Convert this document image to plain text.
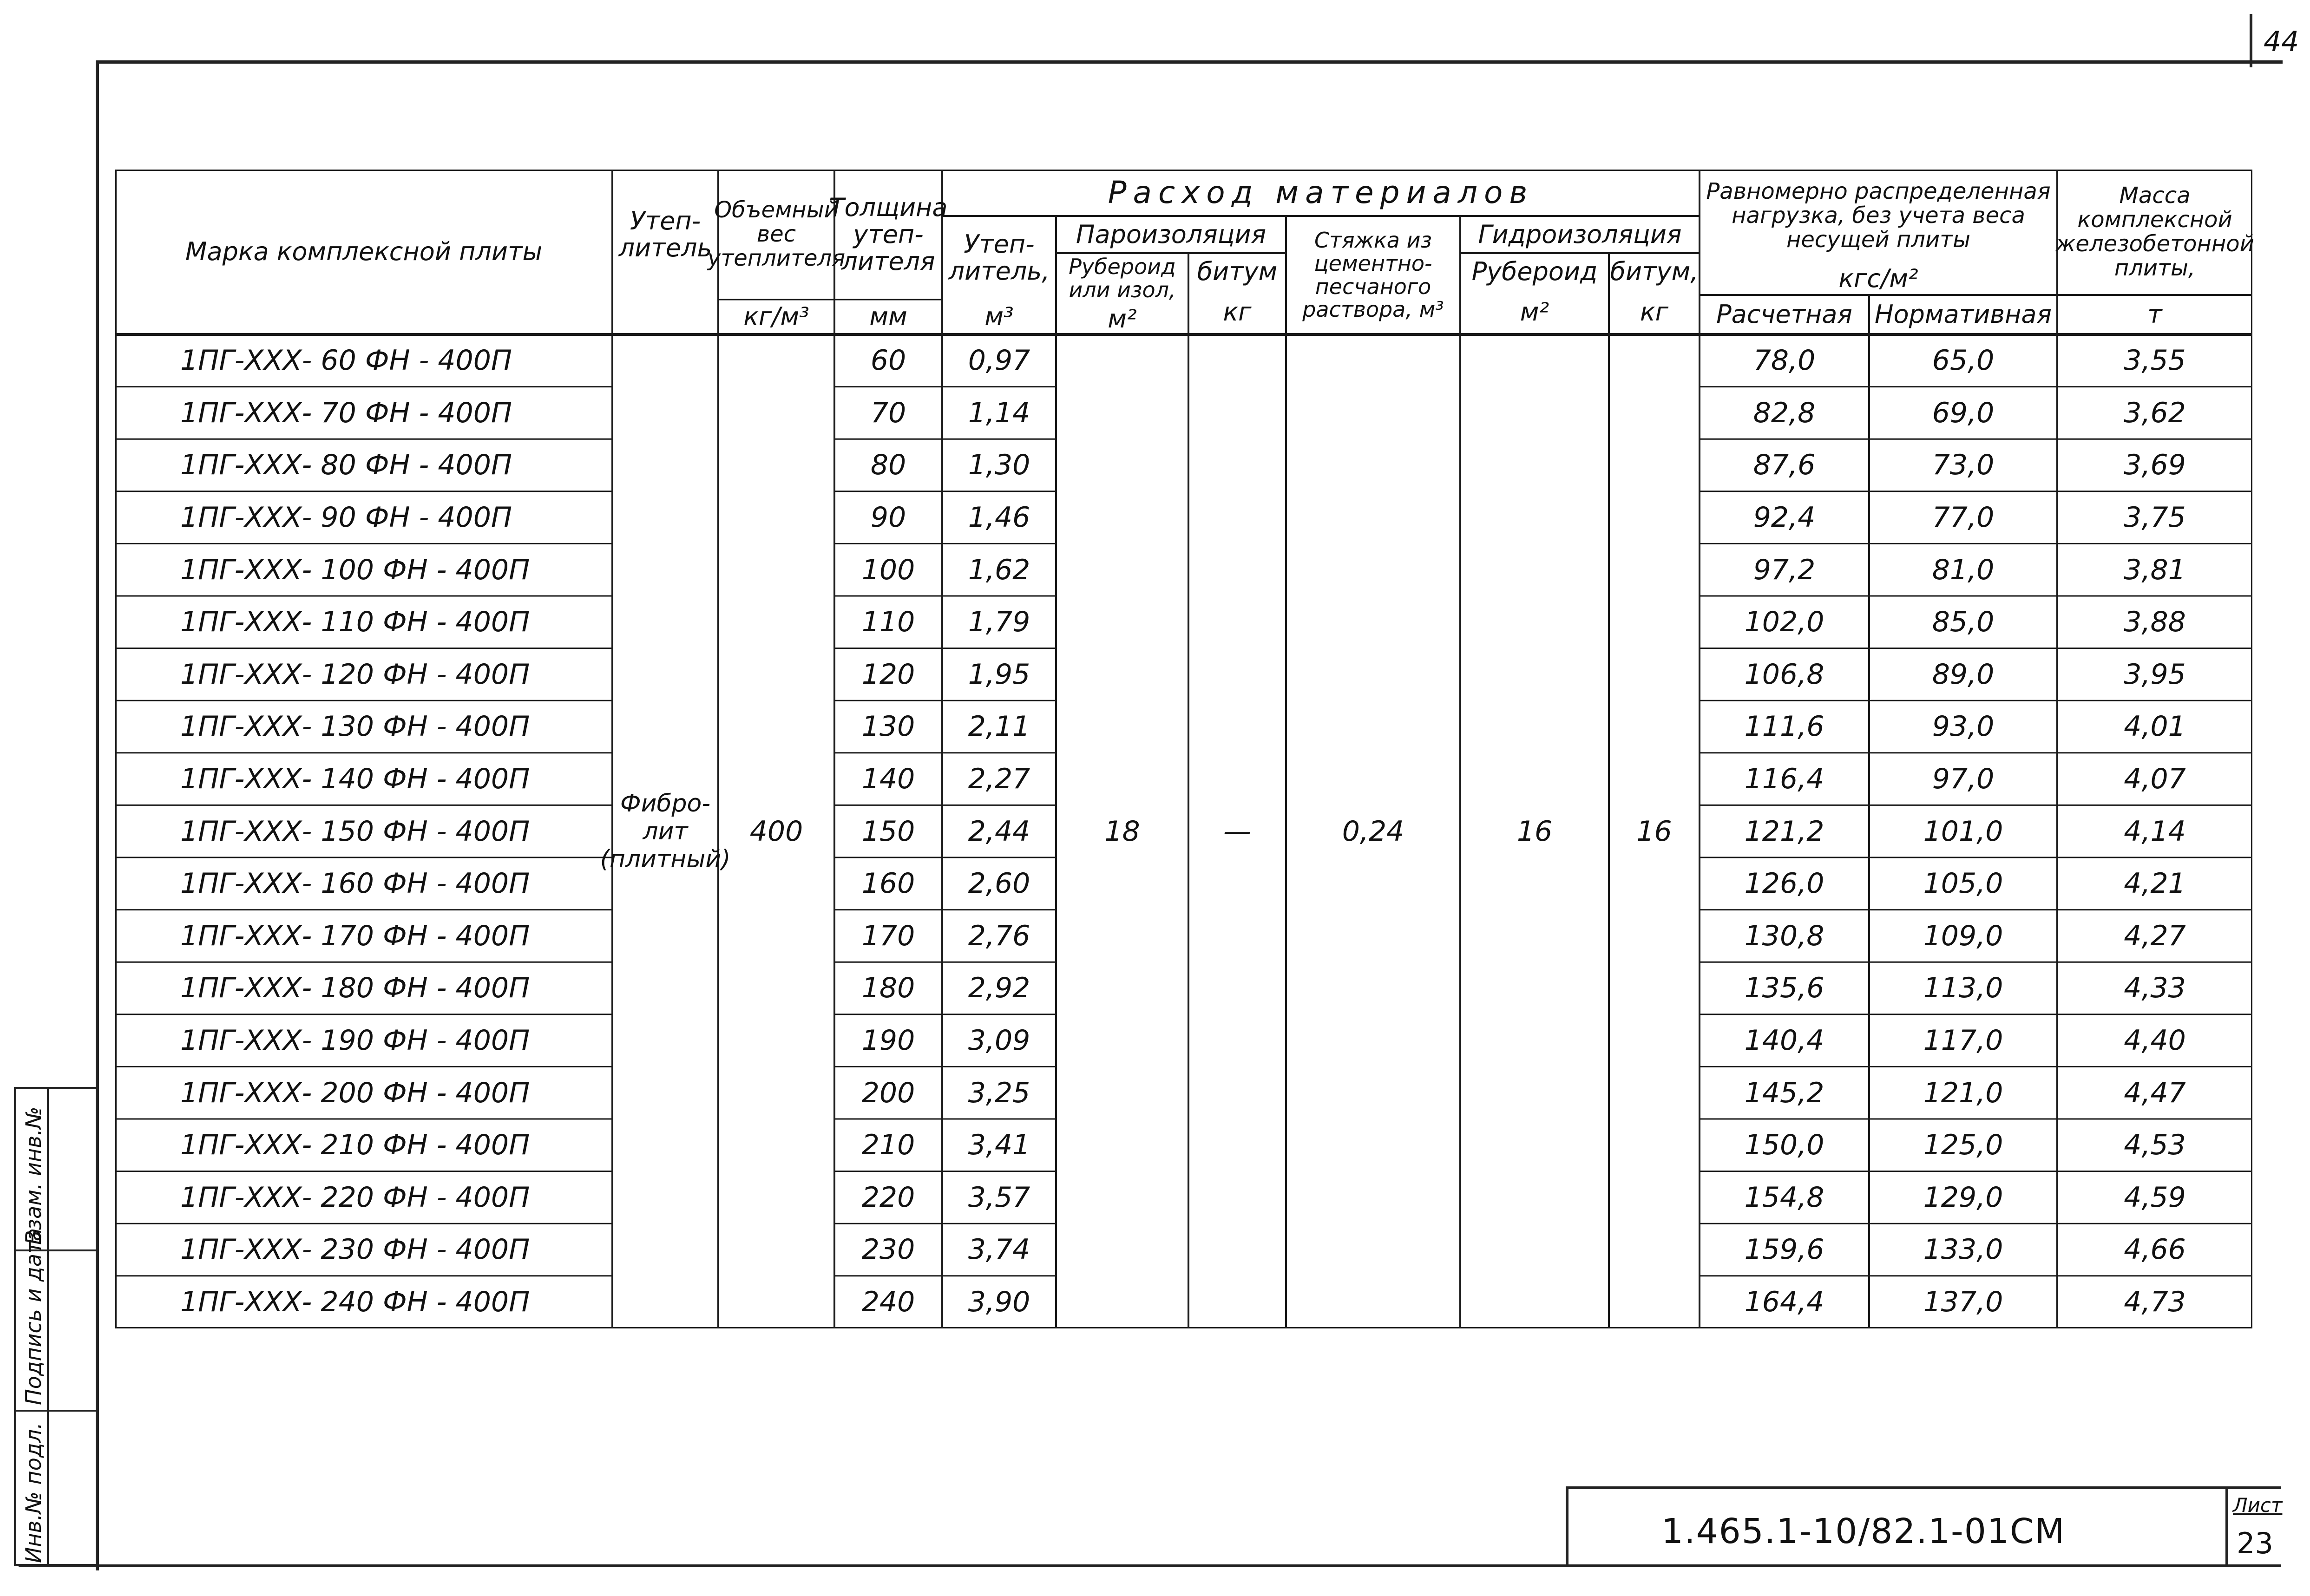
44
Инв.№ подл.
Подпись и дата
Взам. инв.№
Марка комплексной плиты
Утеп-литель
Объемный вес утеплителя
кг/м³
Толщина утеп-лителя
мм
Расход материалов
Утеп-литель,
м³
Пароизоляция
Рубероид или изол,
м²
битум
кг
Стяжка из цементно-песчаного раствора, м³
Гидроизоляция
Рубероид
м²
битум,
кг
Равномерно распределенная нагрузка, без учета веса несущей плиты
кгс/м²
Расчетная Нормативная
Масса комплексной железобетонной плиты,
т
Фибро-лит (плитный)
400	18	—	0,24	16	16
1ПГ-ХХХ- 60 ФН - 400П	60	0,97	78,0	65,0	3,55
1ПГ-ХХХ- 70 ФН - 400П	70	1,14	82,8	69,0	3,62
1ПГ-ХХХ- 80 ФН - 400П	80	1,30	87,6	73,0	3,69
1ПГ-ХХХ- 90 ФН - 400П	90	1,46	92,4	77,0	3,75
1ПГ-ХХХ- 100 ФН - 400П	100	1,62	97,2	81,0	3,81
1ПГ-ХХХ- 110 ФН - 400П	110	1,79	102,0	85,0	3,88
1ПГ-ХХХ- 120 ФН - 400П	120	1,95	106,8	89,0	3,95
1ПГ-ХХХ- 130 ФН - 400П	130	2,11	111,6	93,0	4,01
1ПГ-ХХХ- 140 ФН - 400П	140	2,27	116,4	97,0	4,07
1ПГ-ХХХ- 150 ФН - 400П	150	2,44	121,2	101,0	4,14
1ПГ-ХХХ- 160 ФН - 400П	160	2,60	126,0	105,0	4,21
1ПГ-ХХХ- 170 ФН - 400П	170	2,76	130,8	109,0	4,27
1ПГ-ХХХ- 180 ФН - 400П	180	2,92	135,6	113,0	4,33
1ПГ-ХХХ- 190 ФН - 400П	190	3,09	140,4	117,0	4,40
1ПГ-ХХХ- 200 ФН - 400П	200	3,25	145,2	121,0	4,47
1ПГ-ХХХ- 210 ФН - 400П	210	3,41	150,0	125,0	4,53
1ПГ-ХХХ- 220 ФН - 400П	220	3,57	154,8	129,0	4,59
1ПГ-ХХХ- 230 ФН - 400П	230	3,74	159,6	133,0	4,66
1ПГ-ХХХ- 240 ФН - 400П	240	3,90	164,4	137,0	4,73
1.465.1-10/82.1-01СМ
Лист
23
